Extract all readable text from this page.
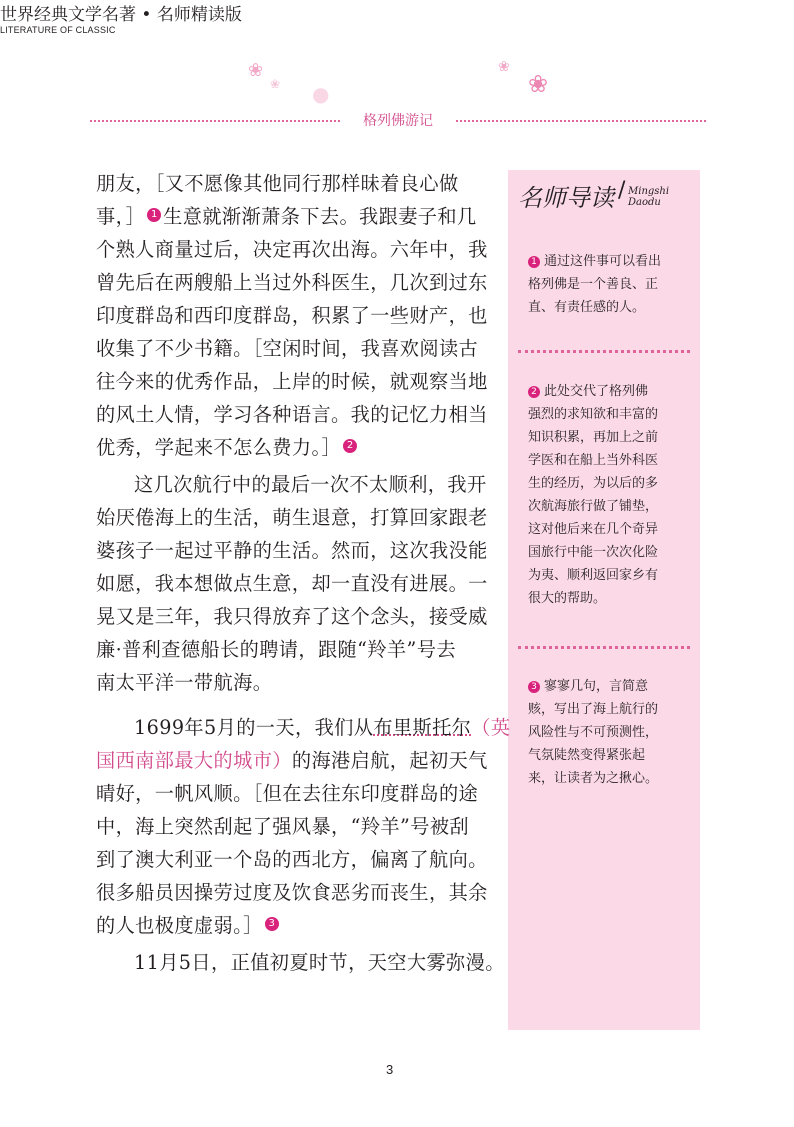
❀
❀ ●
❀
❀
世界经典文学名著 • 名师精读版
LITERATURE OF CLASSIC
格列佛游记
名师导读 / Mingshi Daodu
1 通过这件事可以看出
格列佛是一个善良、正
直、有责任感的人。
2 此处交代了格列佛
强烈的求知欲和丰富的
知识积累，再加上之前
学医和在船上当外科医
生的经历，为以后的多
次航海旅行做了铺垫，
这对他后来在几个奇异
国旅行中能一次次化险
为夷、顺利返回家乡有
很大的帮助。
3 寥寥几句，言简意
赅，写出了海上航行的
风险性与不可预测性，
气氛陡然变得紧张起
来，让读者为之揪心。
朋友，［又不愿像其他同行那样昧着良心做
事，］ 1 生意就渐渐萧条下去。我跟妻子和几
个熟人商量过后，决定再次出海。六年中，我
曾先后在两艘船上当过外科医生，几次到过东
印度群岛和西印度群岛，积累了一些财产，也
收集了不少书籍。［空闲时间，我喜欢阅读古
往今来的优秀作品，上岸的时候，就观察当地
的风土人情，学习各种语言。我的记忆力相当
优秀，学起来不怎么费力。］ 2
这几次航行中的最后一次不太顺利，我开
始厌倦海上的生活，萌生退意，打算回家跟老
婆孩子一起过平静的生活。然而，这次我没能
如愿，我本想做点生意，却一直没有进展。一
晃又是三年，我只得放弃了这个念头，接受威
廉·普利查德船长的聘请，跟随“羚羊”号去
南太平洋一带航海。
1699年5月的一天，我们从布里斯托尔（英
国西南部最大的城市）的海港启航，起初天气
晴好，一帆风顺。［但在去往东印度群岛的途
中，海上突然刮起了强风暴，“羚羊”号被刮
到了澳大利亚一个岛的西北方，偏离了航向。
很多船员因操劳过度及饮食恶劣而丧生，其余
的人也极度虚弱。］ 3
11月5日，正值初夏时节，天空大雾弥漫。
3
